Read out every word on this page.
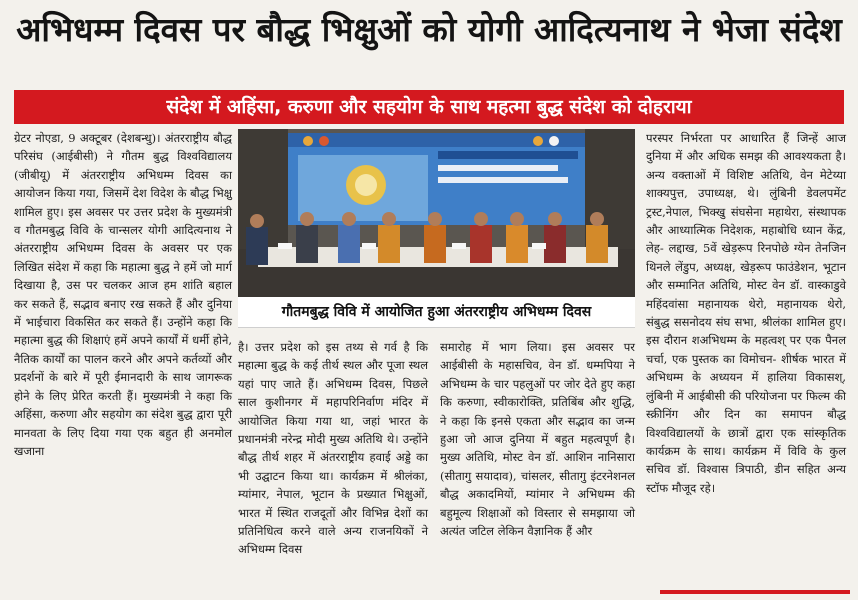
अभिधम्म दिवस पर बौद्ध भिक्षुओं को योगी आदित्यनाथ ने भेजा संदेश
संदेश में अहिंसा, करुणा और सहयोग के साथ महत्मा बुद्ध संदेश को दोहराया

ग्रेटर नोएडा, 9 अक्टूबर (देशबन्धु)। अंतरराष्ट्रीय बौद्ध परिसंघ (आईबीसी) ने गौतम बुद्ध विश्वविद्यालय (जीबीयू) में अंतरराष्ट्रीय अभिधम्म दिवस का आयोजन किया गया, जिसमें देश विदेश के बौद्ध भिक्षु शामिल हुए। इस अवसर पर उत्तर प्रदेश के मुख्यमंत्री व गौतमबुद्ध विवि के चान्सलर योगी आदित्यनाथ ने अंतरराष्ट्रीय अभिधम्म दिवस के अवसर पर एक लिखित संदेश में कहा कि महात्मा बुद्ध ने हमें जो मार्ग दिखाया है, उस पर चलकर आज हम शांति बहाल कर सकते हैं, सद्भाव बनाए रख सकते हैं और दुनिया में भाईचारा विकसित कर सकते हैं। उन्होंने कहा कि महात्मा बुद्ध की शिक्षाएं हमें अपने कार्यों में धर्मी होने, नैतिक कार्यों का पालन करने और अपने कर्तव्यों और प्रदर्शनों के बारे में पूरी ईमानदारी के साथ जागरूक होने के लिए प्रेरित करती हैं। मुख्यमंत्री ने कहा कि अहिंसा, करुणा और सहयोग का संदेश बुद्ध द्वारा पूरी मानवता के लिए दिया गया एक बहुत ही अनमोल खजाना

गौतमबुद्ध विवि में आयोजित हुआ अंतरराष्ट्रीय अभिधम्म दिवस

है। उत्तर प्रदेश को इस तथ्य से गर्व है कि महात्मा बुद्ध के कई तीर्थ स्थल और पूजा स्थल यहां पाए जाते हैं। अभिधम्म दिवस, पिछले साल कुशीनगर में महापरिनिर्वाण मंदिर में आयोजित किया गया था, जहां भारत के प्रधानमंत्री नरेन्द्र मोदी मुख्य अतिथि थे। उन्होंने बौद्ध तीर्थ शहर में अंतरराष्ट्रीय हवाई अड्डे का भी उद्घाटन किया था। कार्यक्रम में श्रीलंका, म्यांमार, नेपाल, भूटान के प्रख्यात भिक्षुओं, भारत में स्थित राजदूतों और विभिन्न देशों का प्रतिनिधित्व करने वाले अन्य राजनयिकों ने अभिधम्म दिवस

समारोह में भाग लिया। इस अवसर पर आईबीसी के महासचिव, वेन डॉ. धम्मपिया ने अभिधम्म के चार पहलुओं पर जोर देते हुए कहा कि करुणा, स्वीकारोक्ति, प्रतिबिंब और शुद्धि, ने कहा कि इनसे एकता और सद्भाव का जन्म हुआ जो आज दुनिया में बहुत महत्वपूर्ण है। मुख्य अतिथि, मोस्ट वेन डॉ. आशिन नानिसारा (सीतागु सयादाव), चांसलर, सीतागु इंटरनेशनल बौद्ध अकादमियों, म्यांमार ने अभिधम्म की बहुमूल्य शिक्षाओं को विस्तार से समझाया जो अत्यंत जटिल लेकिन वैज्ञानिक हैं और

परस्पर निर्भरता पर आधारित हैं जिन्हें आज दुनिया में और अधिक समझ की आवश्यकता है। अन्य वक्ताओं में विशिष्ट अतिथि, वेन मेटेय्या शाक्यपुत्त, उपाध्यक्ष, थे। लुंबिनी डेवलपमेंट ट्रस्ट,नेपाल, भिक्खु संघसेना महाथेरा, संस्थापक और आध्यात्मिक निदेशक, महाबोधि ध्यान केंद्र, लेह- लद्दाख, 5वें खेड़रूप रिनपोछे ग्येन तेनजिन थिनले लेंडुप, अध्यक्ष, खेड़रूप फाउंडेशन, भूटान और सम्मानित अतिथि, मोस्ट वेन डॉ. वास्काडुवे महिंदवांसा महानायक थेरो, महानायक थेरो, संबुद्ध ससनोदय संघ सभा, श्रीलंका शामिल हुए। इस दौरान शअभिधम्म के महत्वश् पर एक पैनल चर्चा, एक पुस्तक का विमोचन- शीर्षक भारत में अभिधम्म के अध्ययन में हालिया विकासश्, लुंबिनी में आईबीसी की परियोजना पर फिल्म की स्क्रीनिंग और दिन का समापन बौद्ध विश्वविद्यालयों के छात्रों द्वारा एक सांस्कृतिक कार्यक्रम के साथ। कार्यक्रम में विवि के कुल सचिव डॉ. विश्वास त्रिपाठी, डीन सहित अन्य स्टॉफ मौजूद रहे।
